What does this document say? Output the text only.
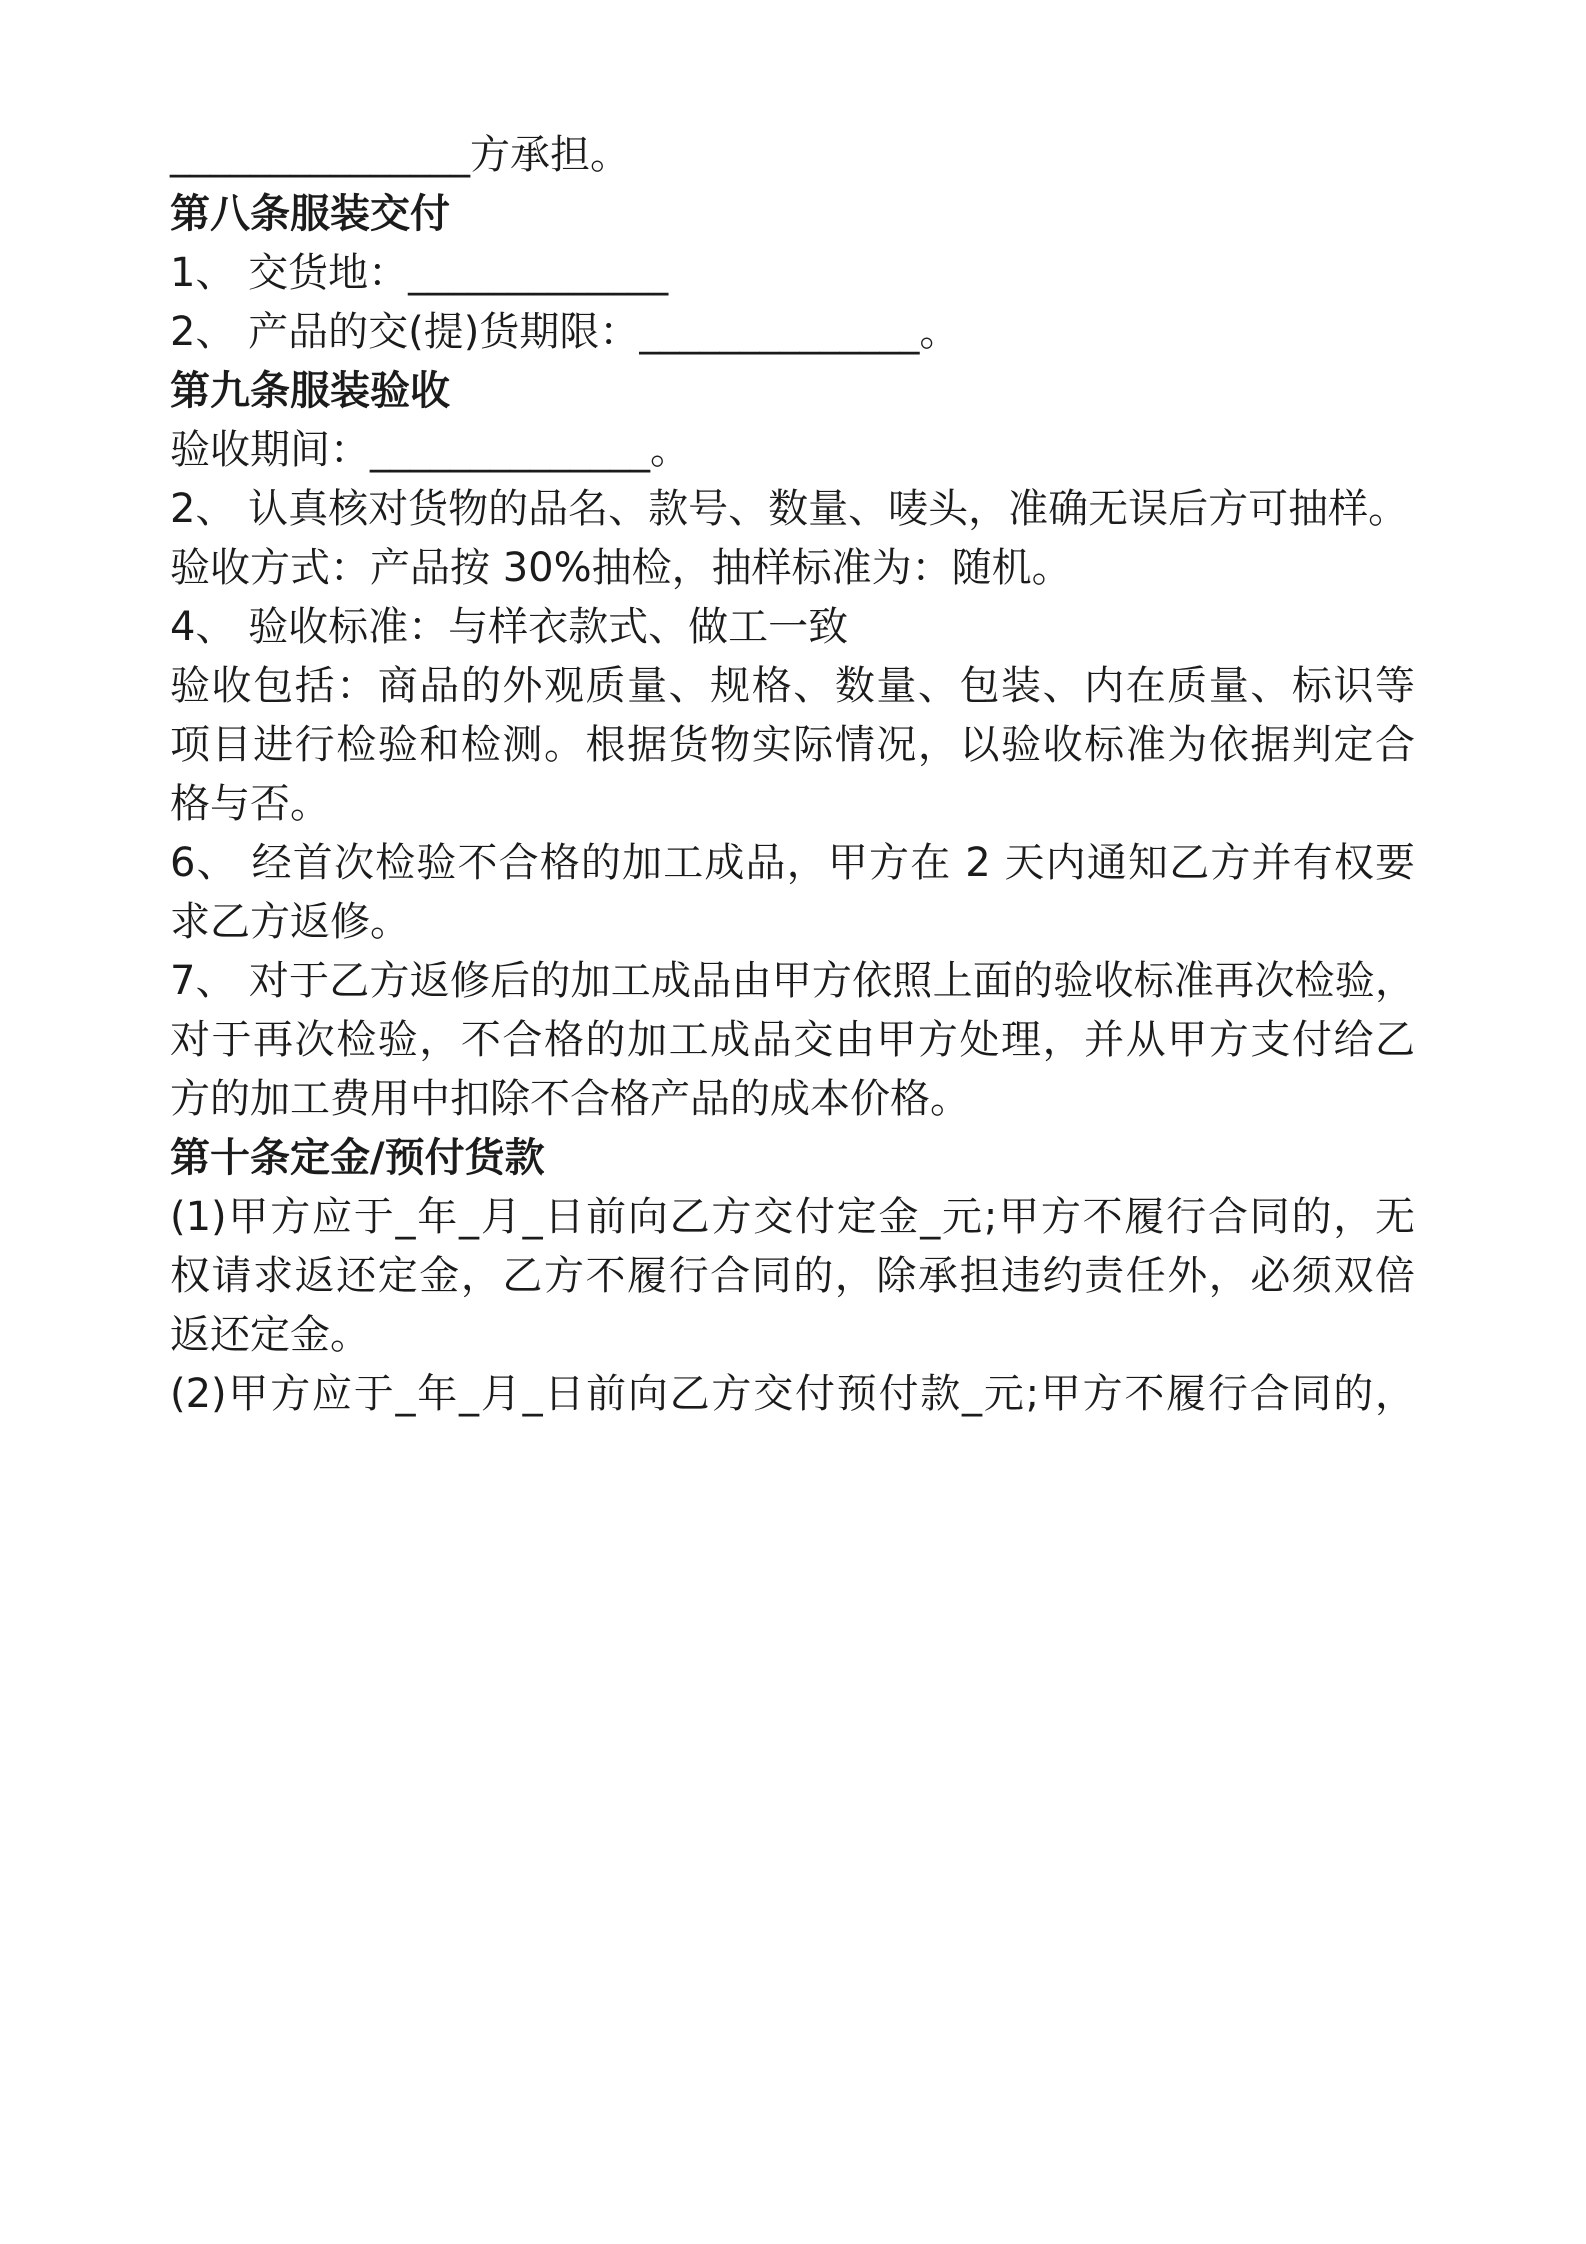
_______________方承担。
第八条服装交付
1、 交货地：_____________
2、 产品的交(提)货期限：______________。
第九条服装验收
验收期间：______________。
2、 认真核对货物的品名、款号、数量、唛头，准确无误后方可抽样。
验收方式：产品按 30%抽检，抽样标准为：随机。
4、 验收标准：与样衣款式、做工一致
验收包括：商品的外观质量、规格、数量、包装、内在质量、标识等
项目进行检验和检测。根据货物实际情况，以验收标准为依据判定合
格与否。
6、 经首次检验不合格的加工成品，甲方在 2 天内通知乙方并有权要
求乙方返修。
7、 对于乙方返修后的加工成品由甲方依照上面的验收标准再次检验，
对于再次检验，不合格的加工成品交由甲方处理，并从甲方支付给乙
方的加工费用中扣除不合格产品的成本价格。
第十条定金/预付货款
(1)甲方应于_年_月_日前向乙方交付定金_元;甲方不履行合同的，无
权请求返还定金，乙方不履行合同的，除承担违约责任外，必须双倍
返还定金。
(2)甲方应于_年_月_日前向乙方交付预付款_元;甲方不履行合同的，
